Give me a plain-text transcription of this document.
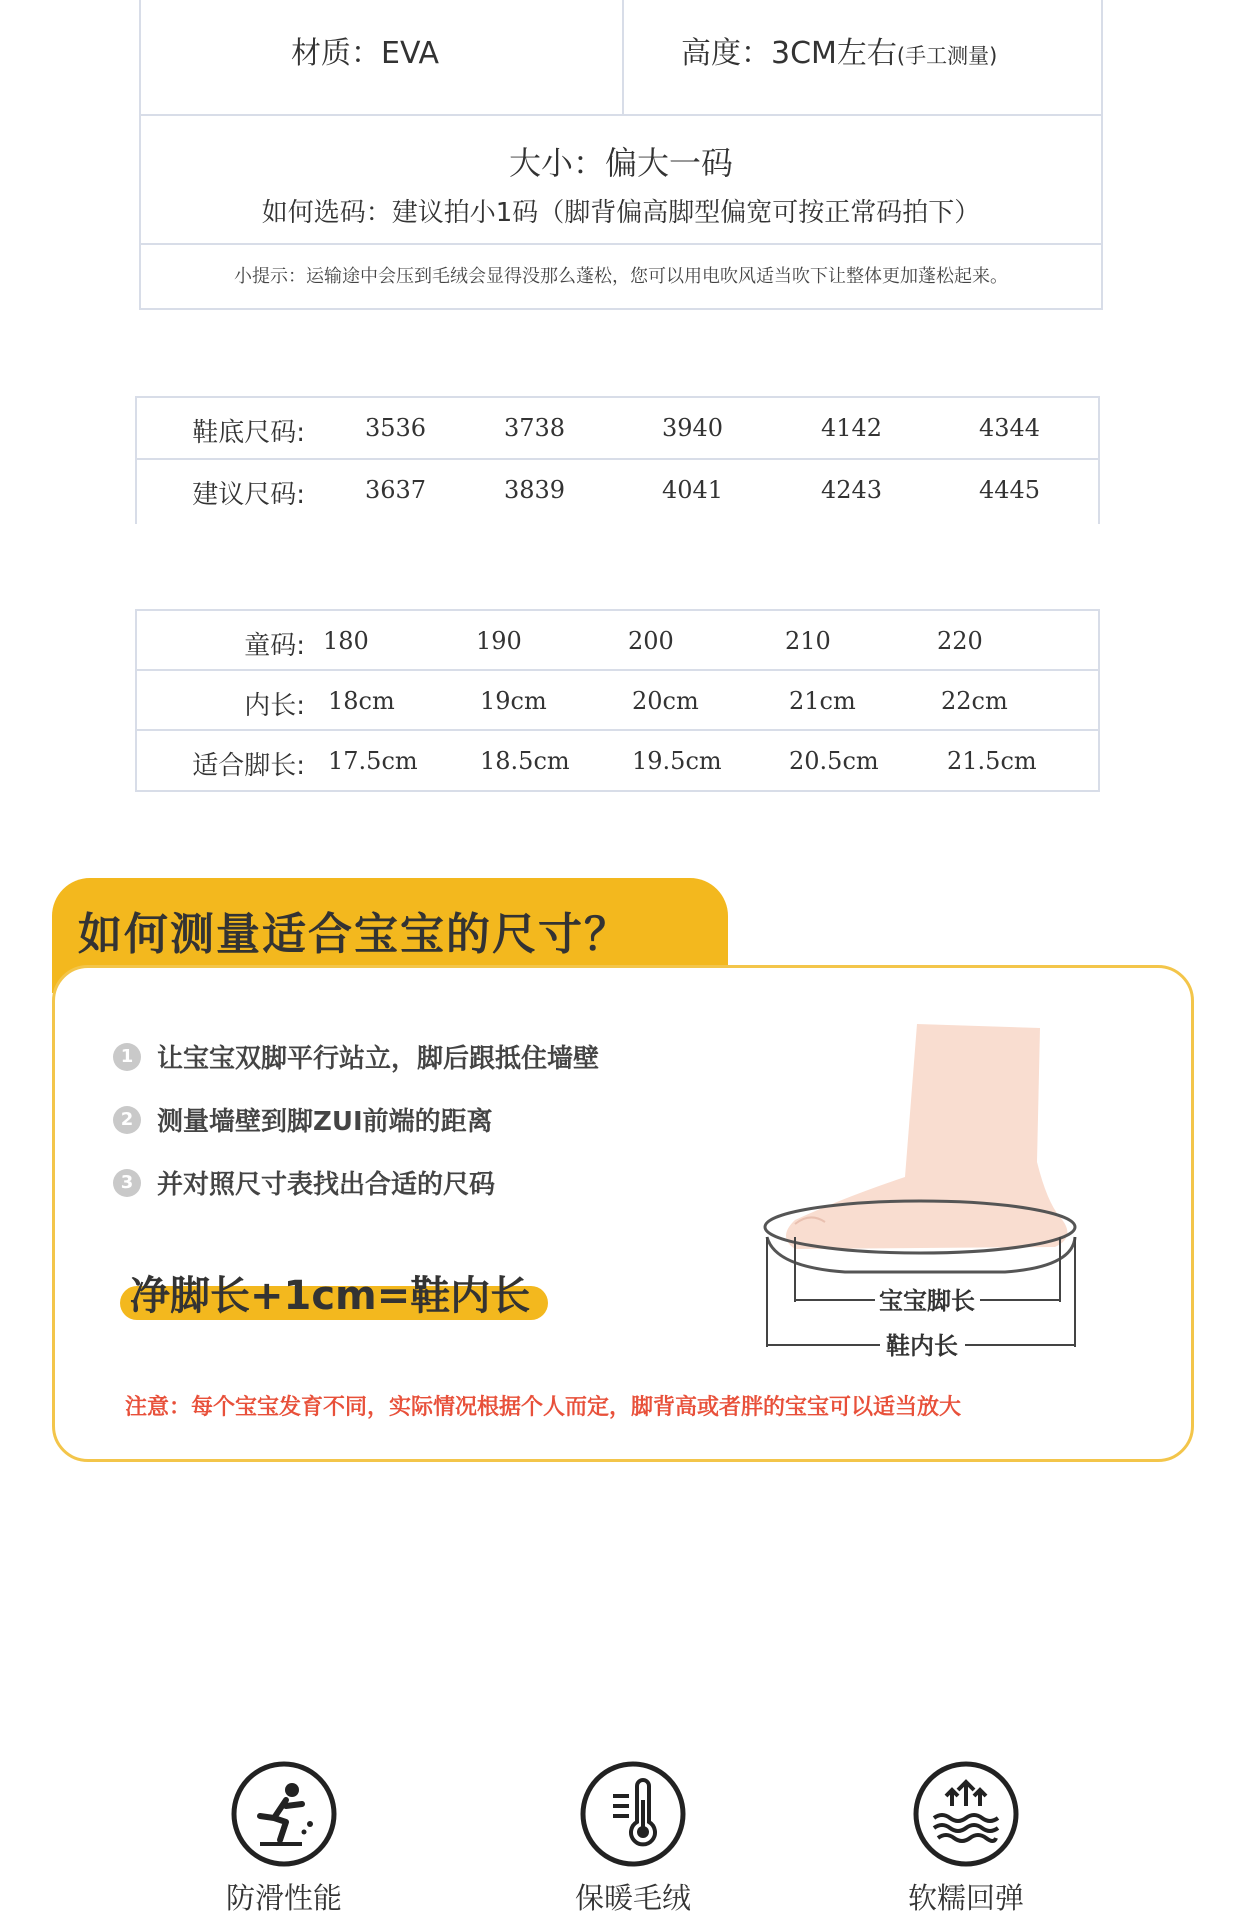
材质：EVA	高度：3CM左右(手工测量)
大小：偏大一码
如何选码：建议拍小1码（脚背偏高脚型偏宽可按正常码拍下）
小提示：运输途中会压到毛绒会显得没那么蓬松，您可以用电吹风适当吹下让整体更加蓬松起来。
鞋底尺码:	3536	3738	3940	4142	4344
建议尺码:	3637	3839	4041	4243	4445
童码: 180	190	200	210	220
内长: 18cm	19cm	20cm	21cm	22cm
适合脚长: 17.5cm	18.5cm	19.5cm	20.5cm	21.5cm
如何测量适合宝宝的尺寸？
1 让宝宝双脚平行站立，脚后跟抵住墙壁
2 测量墙壁到脚ZUI前端的距离
3 并对照尺寸表找出合适的尺码
净脚长+1cm=鞋内长	宝宝脚长
鞋内长
注意：每个宝宝发育不同，实际情况根据个人而定，脚背高或者胖的宝宝可以适当放大
防滑性能	保暖毛绒	软糯回弹
